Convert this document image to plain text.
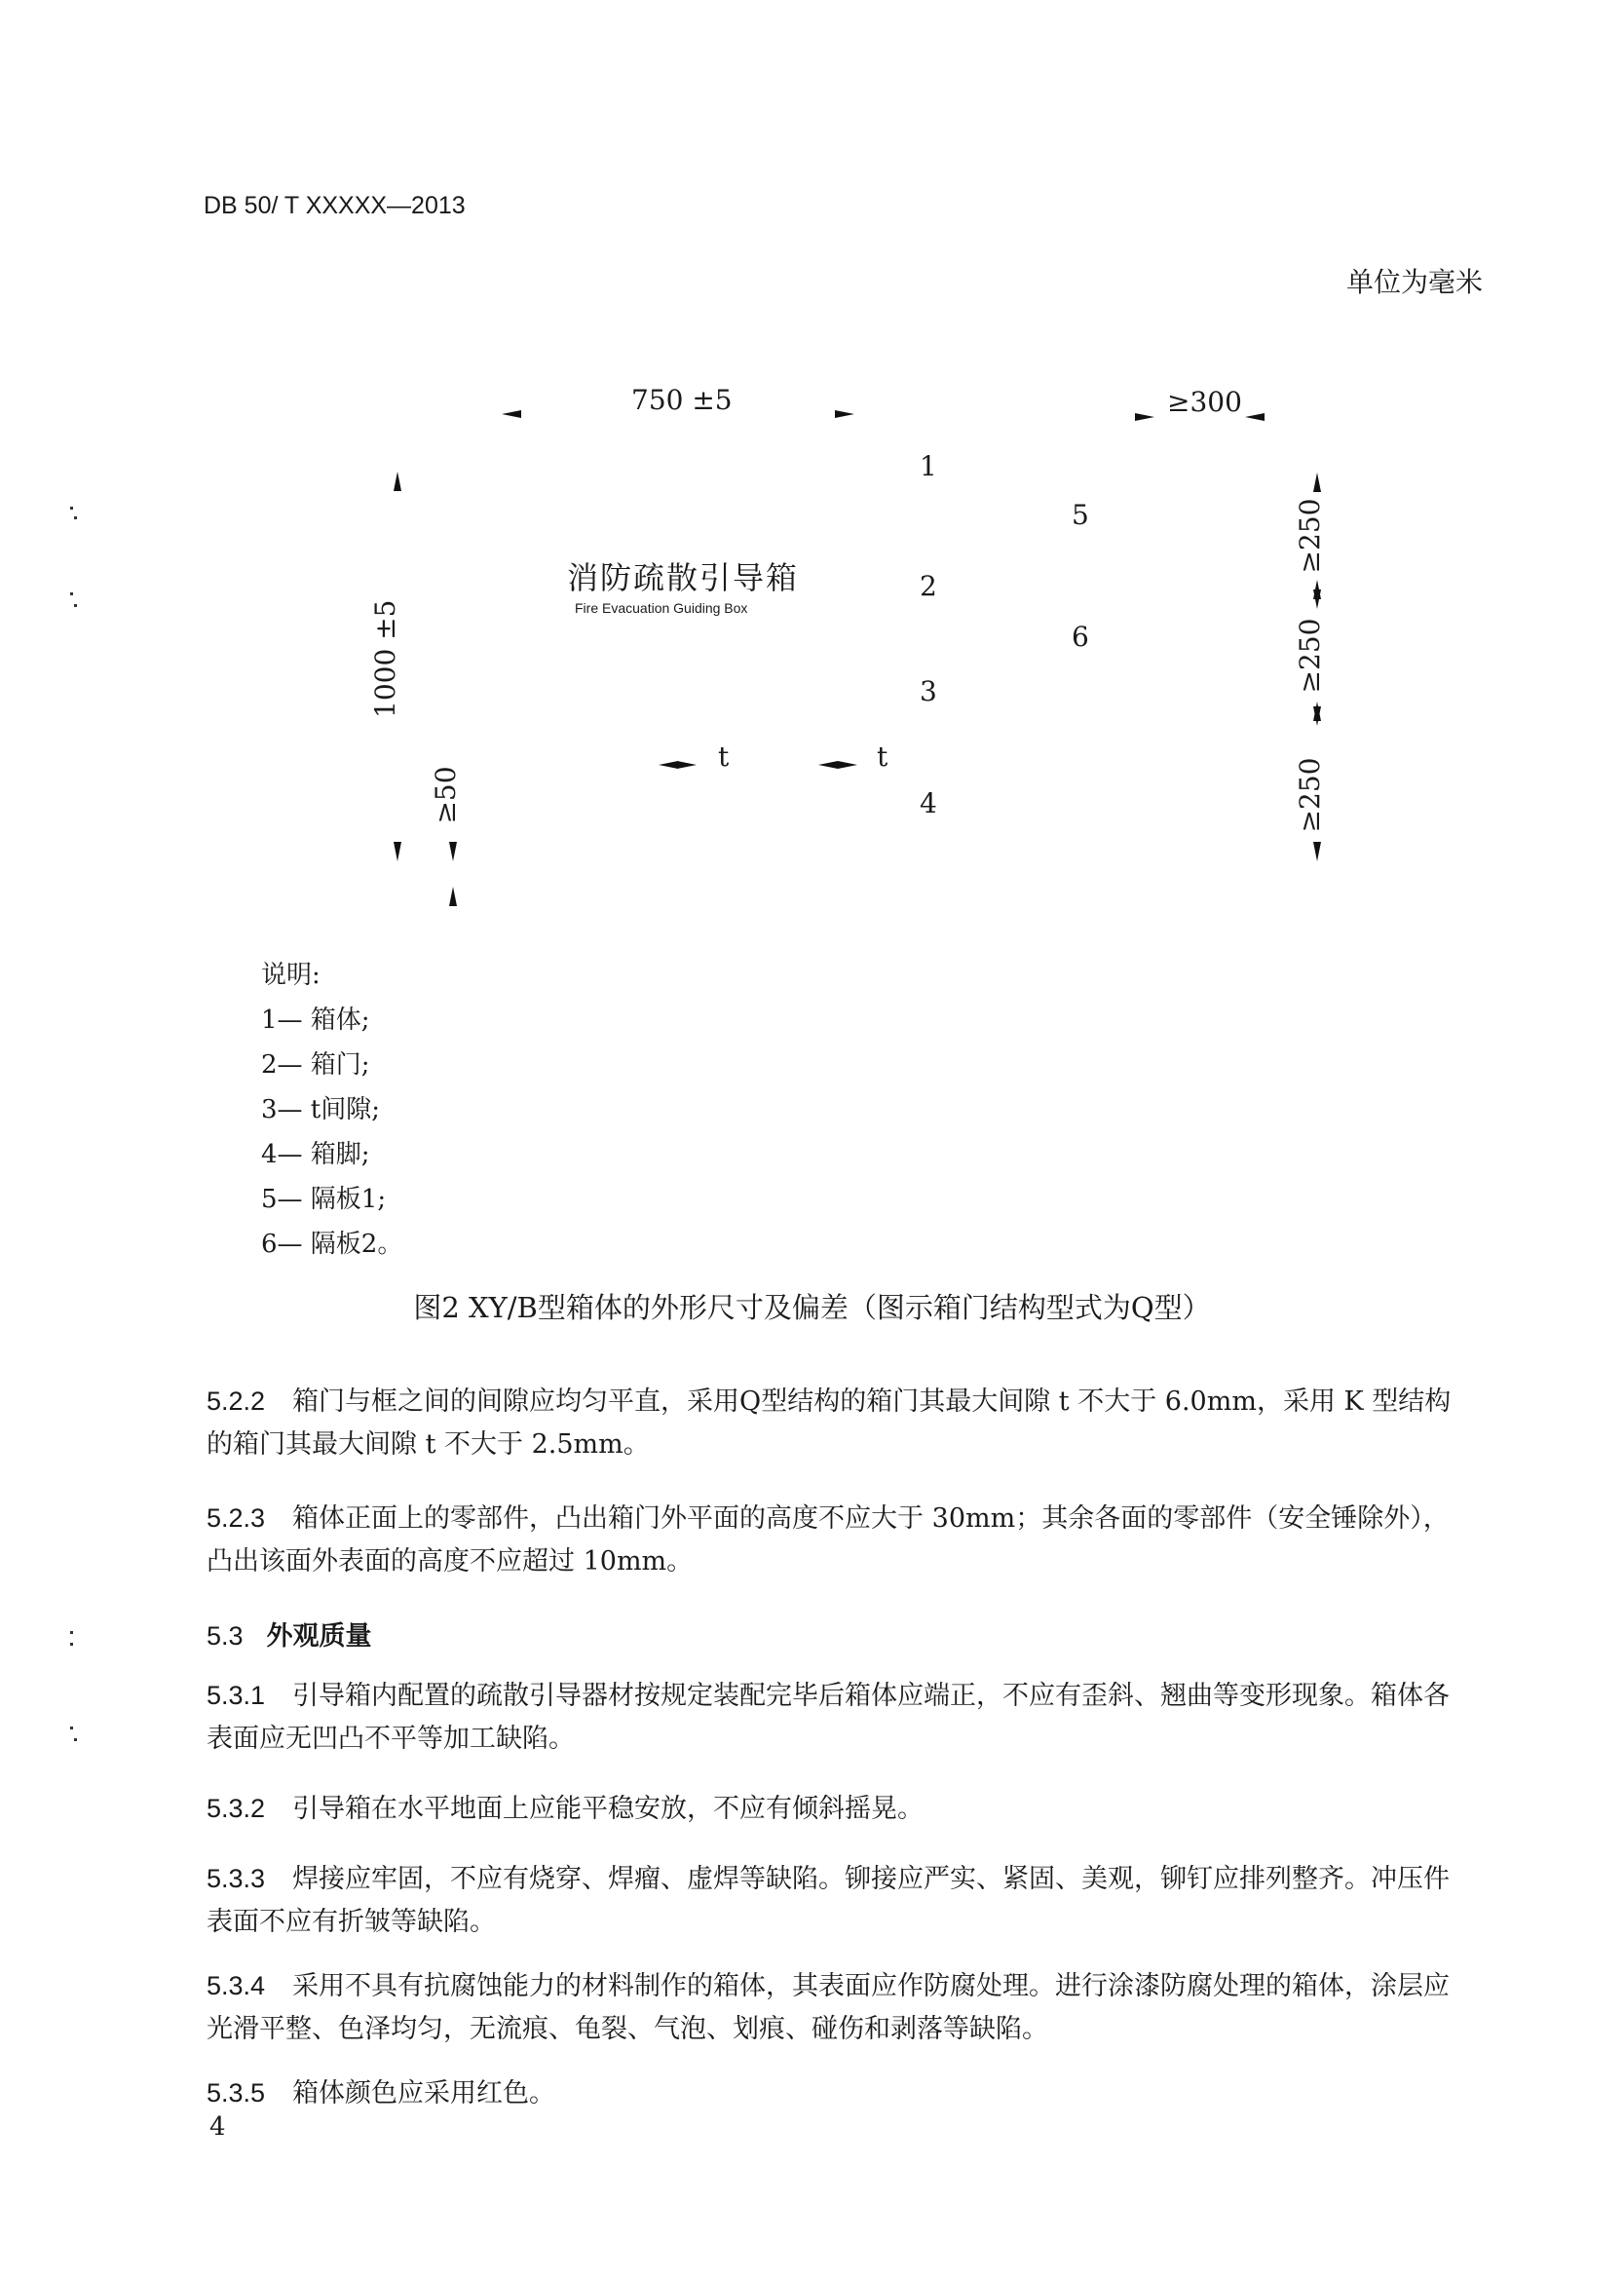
DB 50/ T XXXXX—2013
单位为毫米
750 ±5	≥300
1000 ±5
≥50
≥250
≥250
≥250
t	t
消防疏散引导箱
Fire Evacuation Guiding Box
1
2
3
4
5
6
说明:
1— 箱体;
2— 箱门;
3— t间隙;
4— 箱脚;
5— 隔板1;
6— 隔板2。
图2 XY/B型箱体的外形尺寸及偏差（图示箱门结构型式为Q型）
5.2.2 箱门与框之间的间隙应均匀平直，采用Q型结构的箱门其最大间隙 t 不大于 6.0mm，采用 K 型结构的箱门其最大间隙 t 不大于 2.5mm。
5.2.3 箱体正面上的零部件，凸出箱门外平面的高度不应大于 30mm；其余各面的零部件（安全锤除外），凸出该面外表面的高度不应超过 10mm。
5.3 外观质量
5.3.1 引导箱内配置的疏散引导器材按规定装配完毕后箱体应端正，不应有歪斜、翘曲等变形现象。箱体各表面应无凹凸不平等加工缺陷。
5.3.2 引导箱在水平地面上应能平稳安放，不应有倾斜摇晃。
5.3.3 焊接应牢固，不应有烧穿、焊瘤、虚焊等缺陷。铆接应严实、紧固、美观，铆钉应排列整齐。冲压件表面不应有折皱等缺陷。
5.3.4 采用不具有抗腐蚀能力的材料制作的箱体，其表面应作防腐处理。进行涂漆防腐处理的箱体，涂层应光滑平整、色泽均匀，无流痕、龟裂、气泡、划痕、碰伤和剥落等缺陷。
5.3.5 箱体颜色应采用红色。
4
